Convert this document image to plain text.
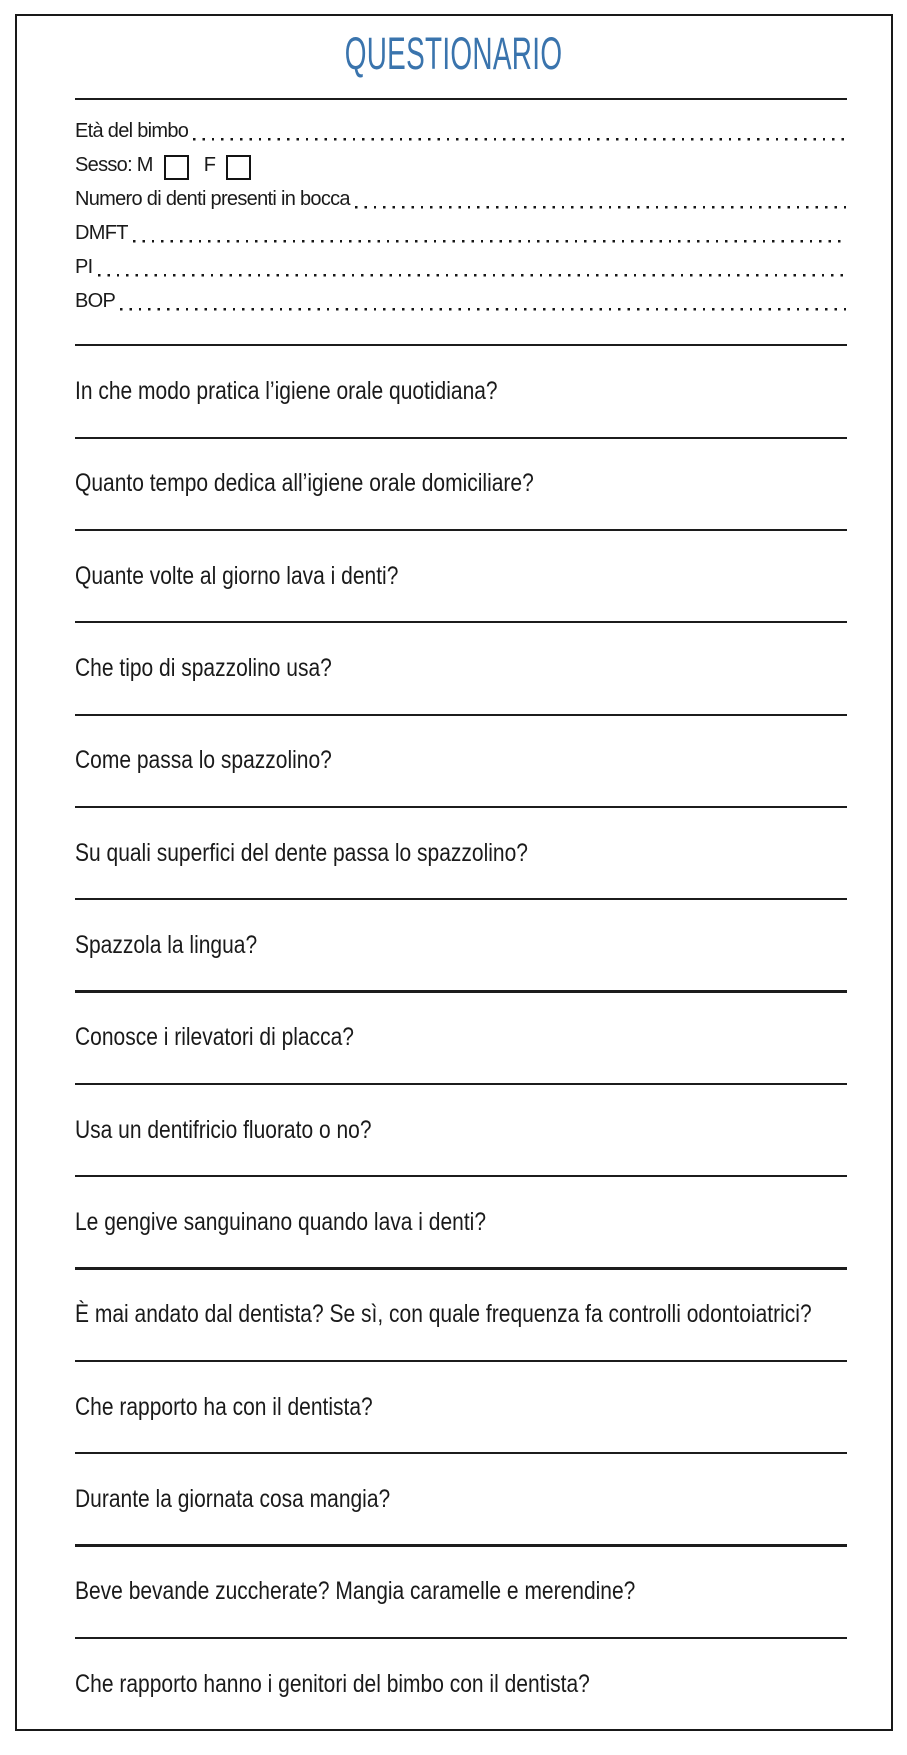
QUESTIONARIO
Età del bimbo
Sesso: M	F
Numero di denti presenti in bocca
DMFT
PI
BOP
In che modo pratica l’igiene orale quotidiana?
Quanto tempo dedica all’igiene orale domiciliare?
Quante volte al giorno lava i denti?
Che tipo di spazzolino usa?
Come passa lo spazzolino?
Su quali superfici del dente passa lo spazzolino?
Spazzola la lingua?
Conosce i rilevatori di placca?
Usa un dentifricio fluorato o no?
Le gengive sanguinano quando lava i denti?
È mai andato dal dentista? Se sì, con quale frequenza fa controlli odontoiatrici?
Che rapporto ha con il dentista?
Durante la giornata cosa mangia?
Beve bevande zuccherate? Mangia caramelle e merendine?
Che rapporto hanno i genitori del bimbo con il dentista?
